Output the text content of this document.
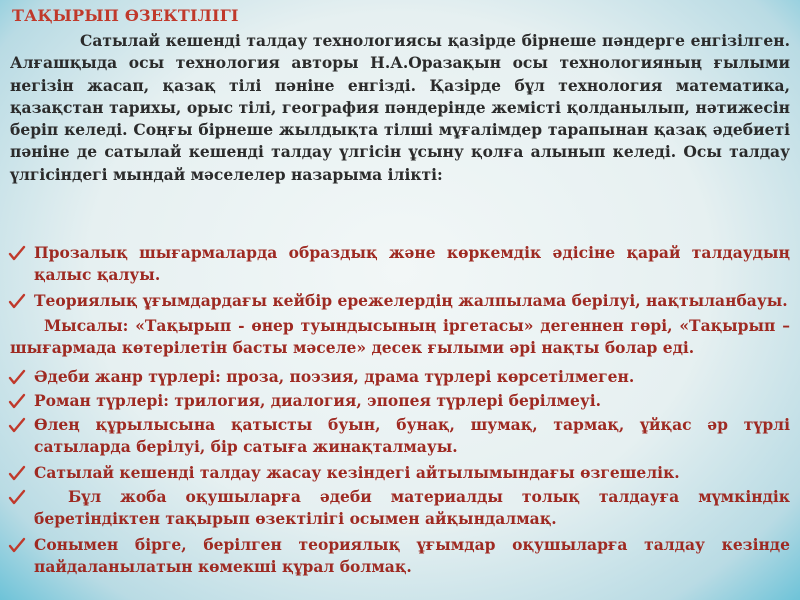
ТАҚЫРЫП ӨЗЕКТІЛІГІ
Сатылай кешенді талдау технологиясы қазірде бірнеше пәндерге енгізілген. Алғашқыда осы технология авторы Н.А.Оразақын осы технологияның ғылыми негізін жасап, қазақ тілі пәніне енгізді. Қазірде бұл технология математика, қазақстан тарихы, орыс тілі, география пәндерінде жемісті қолданылып, нәтижесін беріп келеді. Соңғы бірнеше жылдықта тілші мұғалімдер тарапынан қазақ әдебиеті пәніне де сатылай кешенді талдау үлгісін ұсыну қолға алынып келеді. Осы талдау үлгісіндегі мындай мәселелер назарыма ілікті:
Прозалық шығармаларда образдық және көркемдік әдісіне қарай талдаудың қалыс қалуы.
Теориялық ұғымдардағы кейбір ережелердің жалпылама берілуі, нақтыланбауы.
Мысалы: «Тақырып - өнер туындысының іргетасы» дегеннен гөрі, «Тақырып – шығармада көтерілетін басты мәселе» десек ғылыми әрі нақты болар еді.
Әдеби жанр түрлері: проза, поэзия, драма түрлері көрсетілмеген.
Роман түрлері: трилогия, диалогия, эпопея түрлері берілмеуі.
Өлең құрылысына қатысты буын, бунақ, шумақ, тармақ, ұйқас әр түрлі сатыларда берілуі, бір сатыға жинақталмауы.
Сатылай кешенді талдау жасау кезіндегі айтылымындағы өзгешелік.
Бұл жоба оқушыларға әдеби материалды толық талдауға мүмкіндік беретіндіктен тақырып өзектілігі осымен айқындалмақ.
Сонымен бірге, берілген теориялық ұғымдар оқушыларға талдау кезінде пайдаланылатын көмекші құрал болмақ.
